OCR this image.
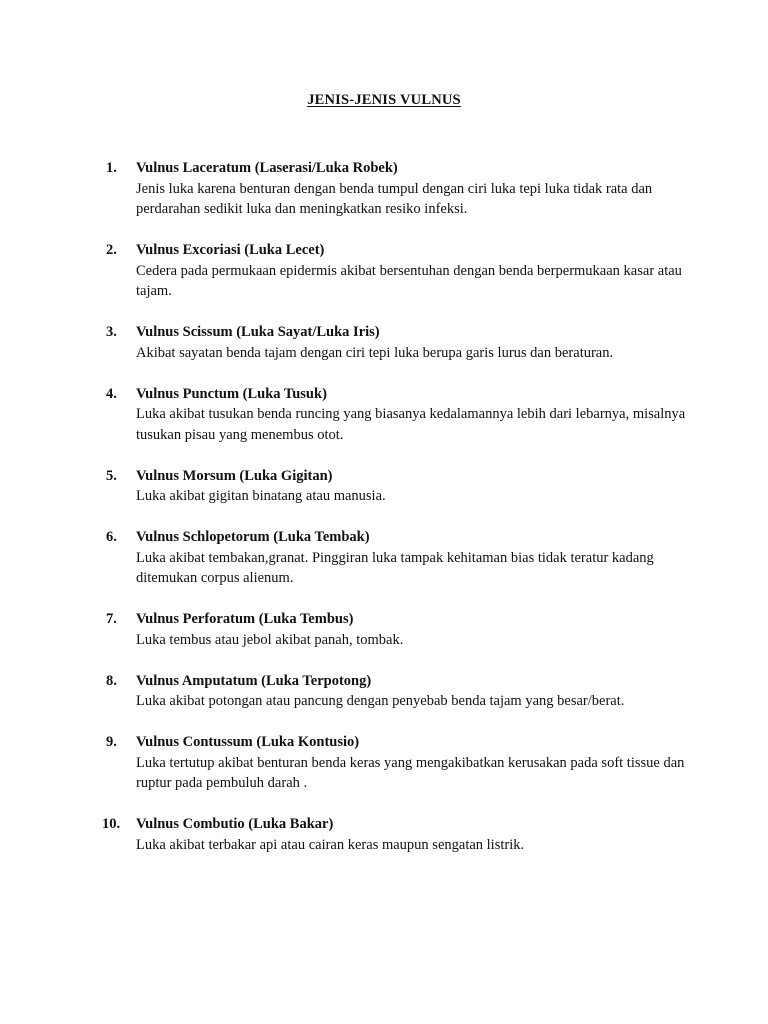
JENIS-JENIS VULNUS
1.	Vulnus Laceratum (Laserasi/Luka Robek)
Jenis luka karena benturan dengan benda tumpul dengan ciri luka tepi luka tidak rata dan perdarahan sedikit luka dan meningkatkan resiko infeksi.
2.	Vulnus Excoriasi (Luka Lecet)
Cedera pada permukaan epidermis akibat bersentuhan dengan benda berpermukaan kasar atau tajam.
3.	Vulnus Scissum (Luka Sayat/Luka Iris)
Akibat sayatan benda tajam dengan ciri tepi luka berupa garis lurus dan beraturan.
4.	Vulnus Punctum (Luka Tusuk)
Luka akibat tusukan benda runcing yang biasanya kedalamannya lebih dari lebarnya, misalnya tusukan pisau yang menembus otot.
5.	Vulnus Morsum (Luka Gigitan)
Luka akibat gigitan binatang atau manusia.
6.	Vulnus Schlopetorum (Luka Tembak)
Luka akibat tembakan,granat. Pinggiran luka tampak kehitaman bias tidak teratur kadang ditemukan corpus alienum.
7.	Vulnus Perforatum (Luka Tembus)
Luka tembus atau jebol akibat panah, tombak.
8.	Vulnus Amputatum (Luka Terpotong)
Luka akibat potongan atau pancung dengan penyebab benda tajam yang besar/berat.
9.	Vulnus Contussum (Luka Kontusio)
Luka tertutup akibat benturan benda keras yang mengakibatkan kerusakan pada soft tissue dan ruptur pada pembuluh darah .
10.	Vulnus Combutio (Luka Bakar)
Luka akibat terbakar api atau cairan keras maupun sengatan listrik.
